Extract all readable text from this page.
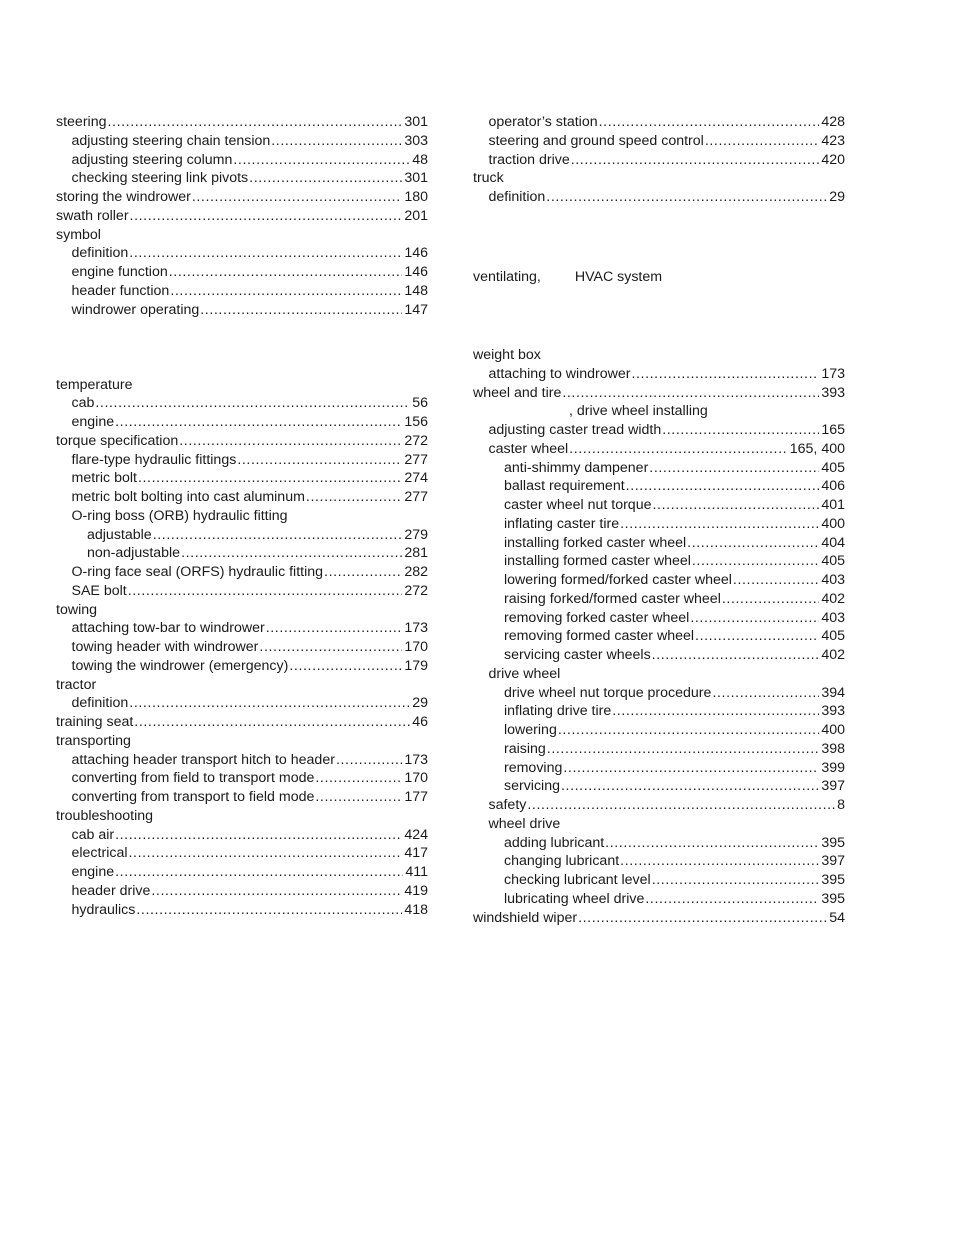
steering .....	301
adjusting steering chain tension .....	303
adjusting steering column .....	48
checking steering link pivots .....	301
storing the windrower .....	180
swath roller .....	201
symbol
definition .....	146
engine function .....	146
header function .....	148
windrower operating .....	147
temperature
cab .....	56
engine .....	156
torque specification .....	272
flare-type hydraulic fittings .....	277
metric bolt .....	274
metric bolt bolting into cast aluminum .....	277
O-ring boss (ORB) hydraulic fitting
adjustable .....	279
non-adjustable .....	281
O-ring face seal (ORFS) hydraulic fitting .....	282
SAE bolt .....	272
towing
attaching tow-bar to windrower .....	173
towing header with windrower .....	170
towing the windrower (emergency) .....	179
tractor
definition .....	29
training seat .....	46
transporting
attaching header transport hitch to header .....	173
converting from field to transport mode .....	170
converting from transport to field mode .....	177
troubleshooting
cab air .....	424
electrical .....	417
engine .....	411
header drive .....	419
hydraulics .....	418
operator’s station .....	428
steering and ground speed control .....	423
traction drive .....	420
truck
definition .....	29
ventilating, HVAC system
weight box
attaching to windrower .....	173
wheel and tire .....	393
adjusting caster tread width .....	165
caster wheel .....	165, 400
anti-shimmy dampener .....	405
ballast requirement .....	406
caster wheel nut torque .....	401
inflating caster tire .....	400
installing forked caster wheel .....	404
installing formed caster wheel .....	405
lowering formed/forked caster wheel .....	403
raising forked/formed caster wheel .....	402
removing forked caster wheel .....	403
removing formed caster wheel .....	405
servicing caster wheels .....	402
drive wheel
drive wheel nut torque procedure .....	394
inflating drive tire .....	393
lowering .....	400
raising .....	398
removing .....	399
servicing .....	397
safety .....	8
wheel drive
adding lubricant .....	395
changing lubricant .....	397
checking lubricant level .....	395
lubricating wheel drive .....	395
windshield wiper .....	54
, drive wheel installing
